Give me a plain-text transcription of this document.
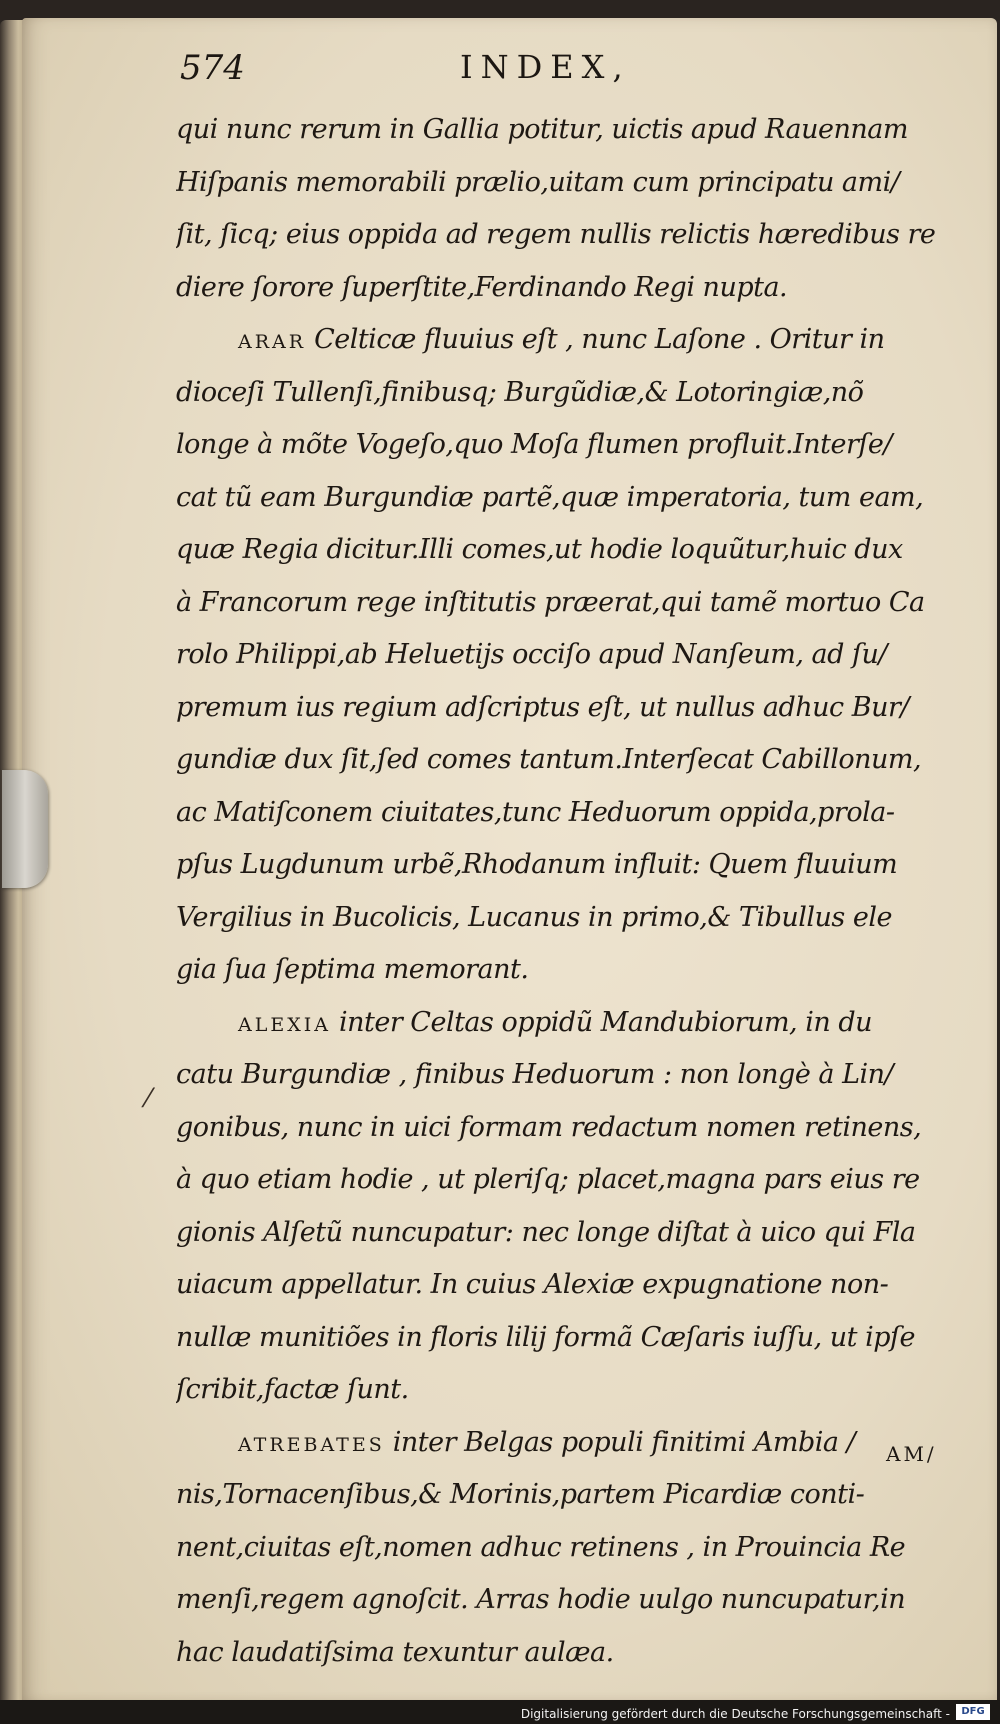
574	INDEX,
qui nunc rerum in Gallia potitur, uictis apud Rauennam
Hiſpanis memorabili prælio,uitam cum principatu ami/
ſit, ſicq; eius oppida ad regem nullis relictis hæredibus re
diere ſorore ſuperſtite,Ferdinando Regi nupta.
ARAR Celticæ fluuius eſt , nunc Laſone . Oritur in
dioceſi Tullenſi,finibusq; Burgũdiæ,& Lotoringiæ,nõ
longe à mõte Vogeſo,quo Moſa flumen profluit.Interſe/
cat tũ eam Burgundiæ partẽ,quæ imperatoria, tum eam,
quæ Regia dicitur.Illi comes,ut hodie loquũtur,huic dux
à Francorum rege inſtitutis præerat,qui tamẽ mortuo Ca
rolo Philippi,ab Heluetijs occiſo apud Nanſeum, ad ſu/
premum ius regium adſcriptus eſt, ut nullus adhuc Bur/
gundiæ dux ſit,ſed comes tantum.Interſecat Cabillonum,
ac Matiſconem ciuitates,tunc Heduorum oppida,prola-
pſus Lugdunum urbẽ,Rhodanum influit: Quem fluuium
Vergilius in Bucolicis, Lucanus in primo,& Tibullus ele
gia ſua ſeptima memorant.
ALEXIA inter Celtas oppidũ Mandubiorum, in du
catu Burgundiæ , finibus Heduorum : non longè à Lin/
gonibus, nunc in uici formam redactum nomen retinens,
à quo etiam hodie , ut pleriſq; placet,magna pars eius re
gionis Alſetũ nuncupatur: nec longe diſtat à uico qui Fla
uiacum appellatur. In cuius Alexiæ expugnatione non-
nullæ munitiões in floris lilij formã Cæſaris iuſſu, ut ipſe
ſcribit,factæ ſunt.
ATREBATES inter Belgas populi finitimi Ambia /
nis,Tornacenſibus,& Morinis,partem Picardiæ conti-
nent,ciuitas eſt,nomen adhuc retinens , in Prouincia Re
menſi,regem agnoſcit. Arras hodie uulgo nuncupatur,in
hac laudatiſsima texuntur aulæa.
⁄
AM/
Digitalisierung gefördert durch die Deutsche Forschungsgemeinschaft -	DFG
